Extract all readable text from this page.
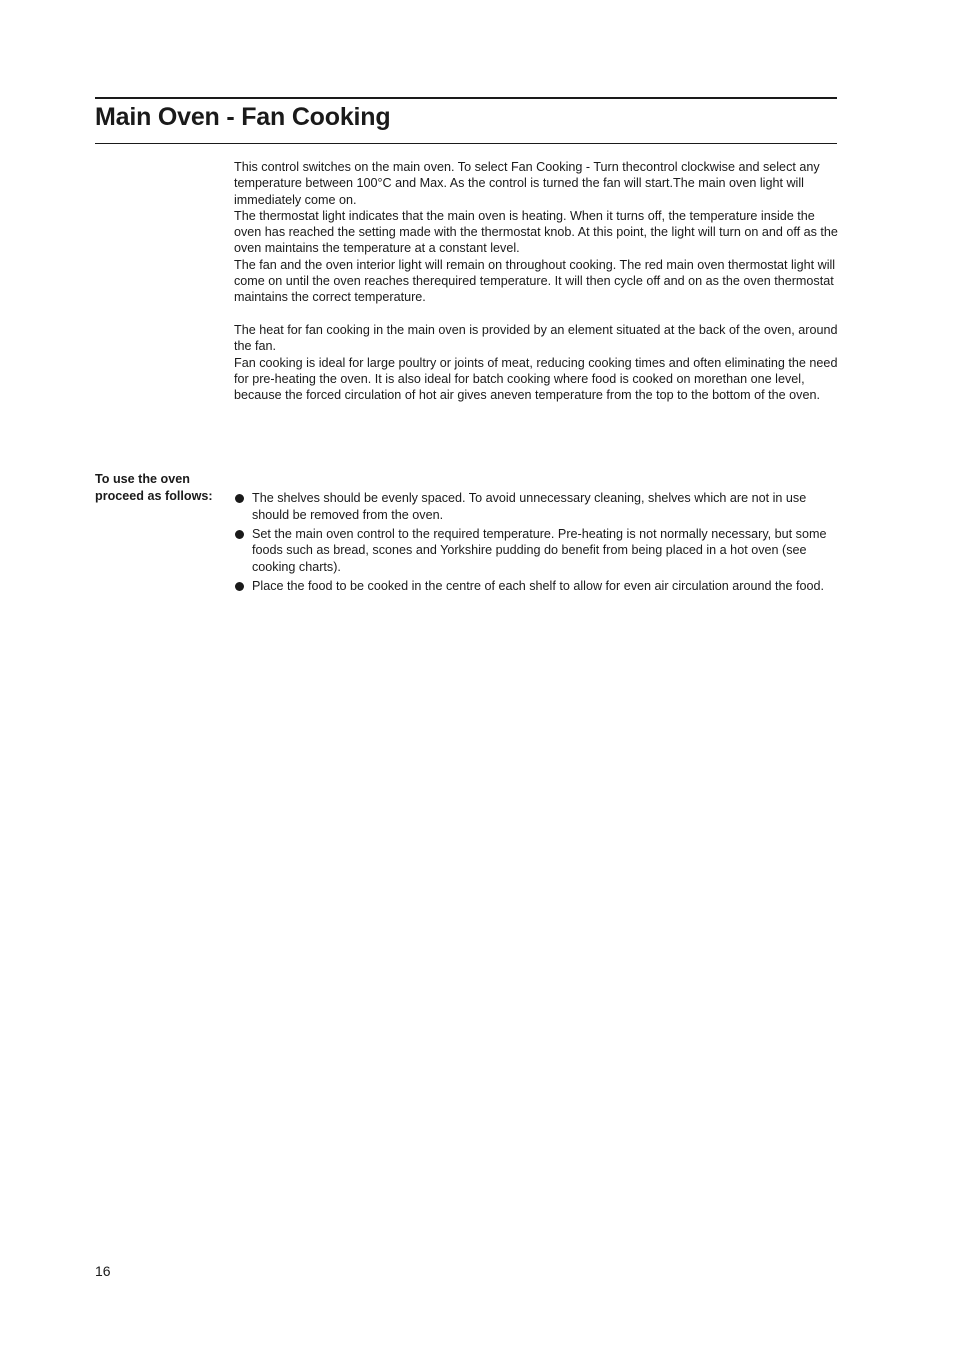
Main Oven - Fan Cooking

This control switches on the main oven. To select Fan Cooking - Turn thecontrol clockwise and select any temperature between 100°C and Max. As the control is turned the fan will start.The main oven light will immediately come on.

The thermostat light indicates that the main oven is heating. When it turns off, the temperature inside the oven has reached the setting made with the thermostat knob. At this point, the light will turn on and off as the oven maintains the temperature at a constant level.

The fan and the oven interior light will remain on throughout cooking. The red main oven thermostat light will come on until the oven reaches therequired temperature. It will then cycle off and on as the oven thermostat maintains the correct temperature.

The heat for fan cooking in the main oven is provided by an element situated at the back of the oven, around the fan.

Fan cooking is ideal for large poultry or joints of meat, reducing cooking times and often eliminating the need for pre-heating the oven. It is also ideal for batch cooking where food is cooked on morethan one level, because the forced circulation of hot air gives aneven temperature from the top to the bottom of the oven.

To use the oven
proceed as follows:	The shelves should be evenly spaced. To avoid unnecessary cleaning, shelves which are not in use should be removed from the oven.
Set the main oven control to the required temperature. Pre-heating is not normally necessary, but some foods such as bread, scones and Yorkshire pudding do benefit from being placed in a hot oven (see cooking charts).
Place the food to be cooked in the centre of each shelf to allow for even air circulation around the food.
16
